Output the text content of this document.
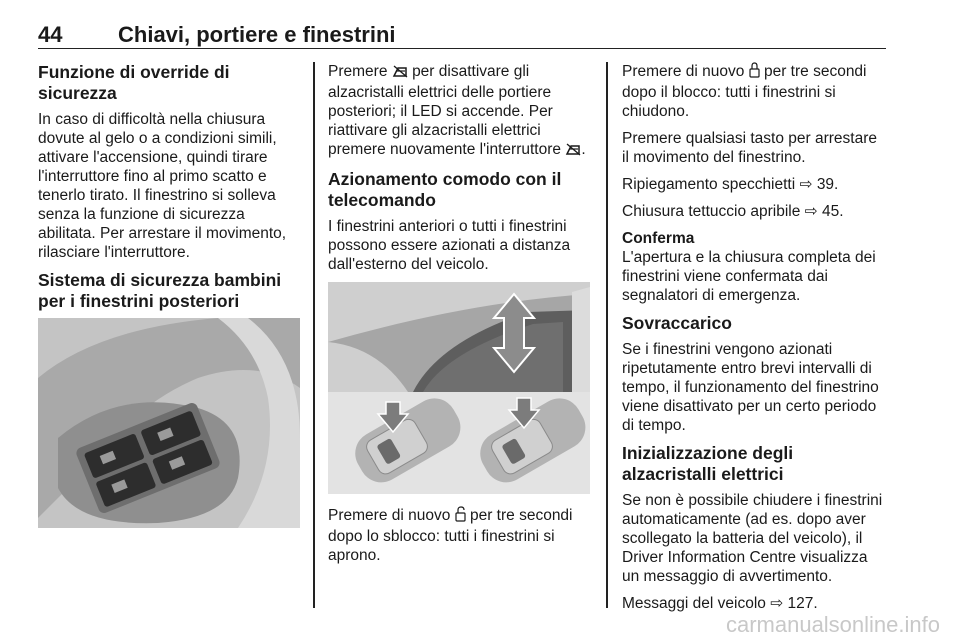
44	Chiavi, portiere e finestrini
Funzione di override di sicurezza

In caso di difficoltà nella chiusura dovute al gelo o a condizioni simili, attivare l'accensione, quindi tirare l'interruttore fino al primo scatto e tenerlo tirato. Il finestrino si solleva senza la funzione di sicurezza abilitata. Per arrestare il movimento, rilasciare l'interruttore.

Sistema di sicurezza bambini per i finestrini posteriori

Premere per disattivare gli alzacristalli elettrici delle portiere posteriori; il LED si accende. Per riattivare gli alzacristalli elettrici premere nuovamente l'interruttore .

Azionamento comodo con il telecomando

I finestrini anteriori o tutti i finestrini possono essere azionati a distanza dall'esterno del veicolo.

Premere di nuovo per tre secondi dopo lo sblocco: tutti i finestrini si aprono.

Premere di nuovo per tre secondi dopo il blocco: tutti i finestrini si chiudono.

Premere qualsiasi tasto per arrestare il movimento del finestrino.

Ripiegamento specchietti ⇨ 39.

Chiusura tettuccio apribile ⇨ 45.

Conferma

L'apertura e la chiusura completa dei finestrini viene confermata dai segnalatori di emergenza.

Sovraccarico

Se i finestrini vengono azionati ripetutamente entro brevi intervalli di tempo, il funzionamento del finestrino viene disattivato per un certo periodo di tempo.

Inizializzazione degli alzacristalli elettrici

Se non è possibile chiudere i finestrini automaticamente (ad es. dopo aver scollegato la batteria del veicolo), il Driver Information Centre visualizza un messaggio di avvertimento.

Messaggi del veicolo ⇨ 127.

carmanualsonline.info
